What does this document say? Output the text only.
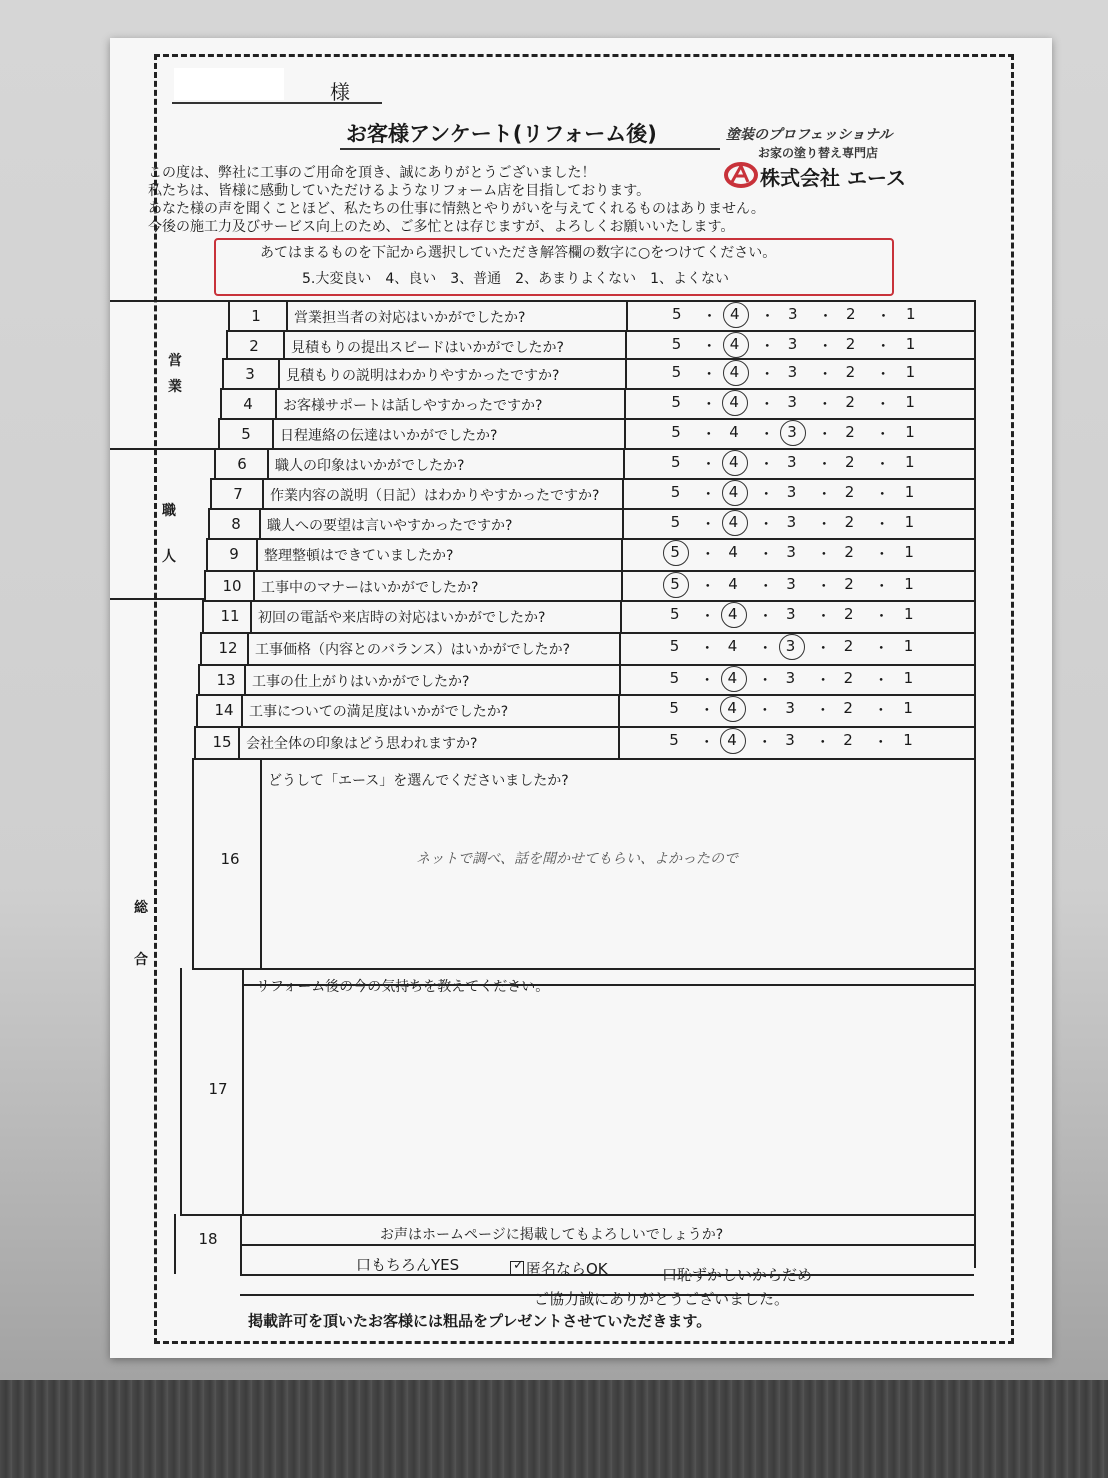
様
お客様アンケート(リフォーム後)	塗装のプロフェッショナル
お家の塗り替え専門店
株式会社 エース
この度は、弊社に工事のご用命を頂き、誠にありがとうございました！
私たちは、皆様に感動していただけるようなリフォーム店を目指しております。
あなた様の声を聞くことほど、私たちの仕事に情熱とやりがいを与えてくれるものはありません。
今後の施工力及びサービス向上のため、ご多忙とは存じますが、よろしくお願いいたします。
あてはまるものを下記から選択していただき解答欄の数字に○をつけてください。
5.大変良い　4、良い　3、普通　2、あまりよくない　1、よくない
営業
職人
総合
16
どうして「エース」を選んでくださいましたか?
ネットで調べ、話を聞かせてもらい、よかったので
17
リフォーム後の今の気持ちを教えてください。
18	お声はホームページに掲載してもよろしいでしょうか?
口もちろんYES	✓ 匿名ならOK	口恥ずかしいからだめ
ご協力誠にありがとうございました。
掲載許可を頂いたお客様には粗品をプレゼントさせていただきます。
1	営業担当者の対応はいかがでしたか?	5 ・ 4 ・ 3 ・ 2 ・ 1
2	見積もりの提出スピードはいかがでしたか?	5 ・ 4 ・ 3 ・ 2 ・ 1
3	見積もりの説明はわかりやすかったですか?	5 ・ 4 ・ 3 ・ 2 ・ 1
4	お客様サポートは話しやすかったですか?	5 ・ 4 ・ 3 ・ 2 ・ 1
5	日程連絡の伝達はいかがでしたか?	5 ・ 4 ・ 3 ・ 2 ・ 1
6	職人の印象はいかがでしたか?	5 ・ 4 ・ 3 ・ 2 ・ 1
7	作業内容の説明（日記）はわかりやすかったですか?	5 ・ 4 ・ 3 ・ 2 ・ 1
8	職人への要望は言いやすかったですか?	5 ・ 4 ・ 3 ・ 2 ・ 1
9	整理整頓はできていましたか?	5 ・ 4 ・ 3 ・ 2 ・ 1
10	工事中のマナーはいかがでしたか?	5 ・ 4 ・ 3 ・ 2 ・ 1
11	初回の電話や来店時の対応はいかがでしたか?	5 ・ 4 ・ 3 ・ 2 ・ 1
12	工事価格（内容とのバランス）はいかがでしたか?	5 ・ 4 ・ 3 ・ 2 ・ 1
13	工事の仕上がりはいかがでしたか?	5 ・ 4 ・ 3 ・ 2 ・ 1
14	工事についての満足度はいかがでしたか?	5 ・ 4 ・ 3 ・ 2 ・ 1
15	会社全体の印象はどう思われますか?	5 ・ 4 ・ 3 ・ 2 ・ 1
